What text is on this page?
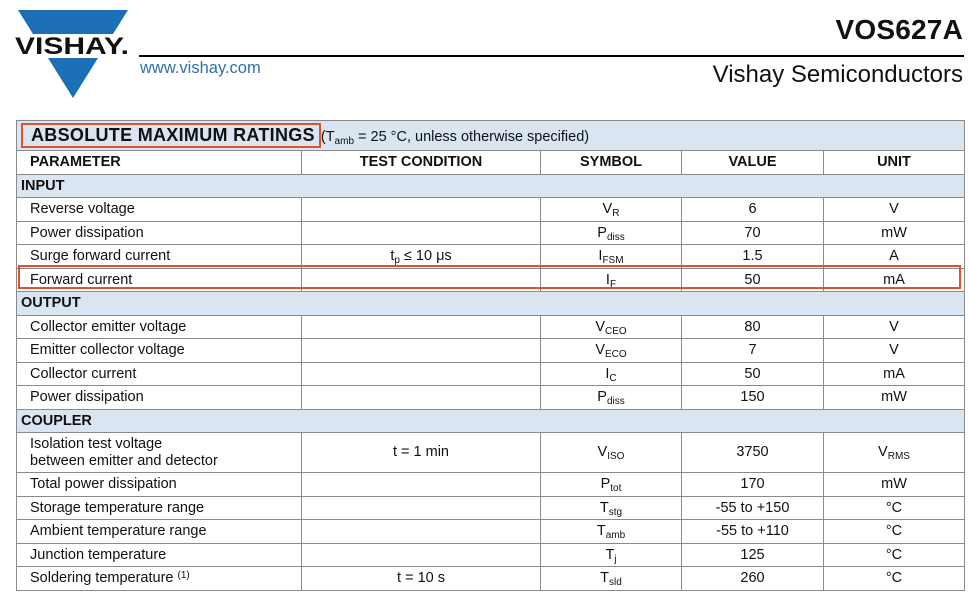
VISHAY.
www.vishay.com
VOS627A
Vishay Semiconductors
ABSOLUTE MAXIMUM RATINGS ($T_{amb} = 25$ °C, unless otherwise specified)				
PARAMETER	TEST CONDITION	SYMBOL	VALUE	UNIT
INPUT				
Reverse voltage		$V_R$	6	V
Power dissipation		$P_{diss}$	70	mW
Surge forward current	$t_p \le 10$ μs	$I_{FSM}$	1.5	A
Forward current		$I_F$	50	mA
OUTPUT				
Collector emitter voltage		$V_{CEO}$	80	V
Emitter collector voltage		$V_{ECO}$	7	V
Collector current		$I_C$	50	mA
Power dissipation		$P_{diss}$	150	mW
COUPLER				
Isolation test voltage
between emitter and detector	t = 1 min	$V_{ISO}$	3750	$V_{RMS}$
Total power dissipation		$P_{tot}$	170	mW
Storage temperature range		$T_{stg}$	-55 to +150	°C
Ambient temperature range		$T_{amb}$	-55 to +110	°C
Junction temperature		$T_j$	125	°C
Soldering temperature $^{(1)}$	t = 10 s	$T_{sld}$	260	°C
